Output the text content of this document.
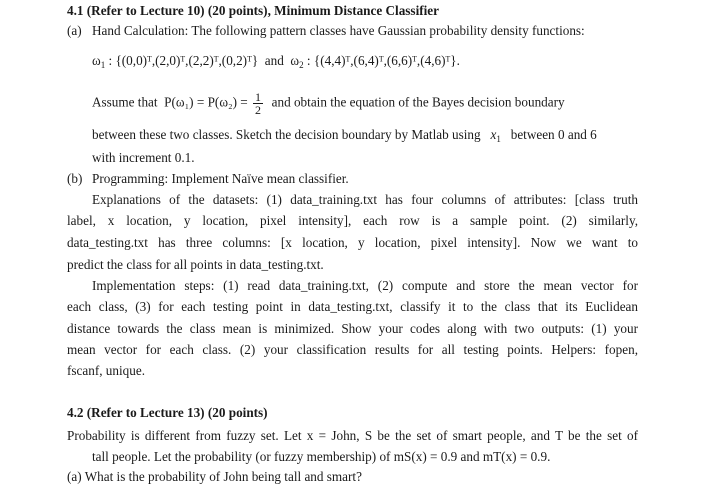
4.1 (Refer to Lecture 10) (20 points), Minimum Distance Classifier
(a) Hand Calculation: The following pattern classes have Gaussian probability density functions:
$\omega_1$ : {(0,0)ᵀ,(2,0)ᵀ,(2,2)ᵀ,(0,2)ᵀ} and $\omega_2$ : {(4,4)ᵀ,(6,4)ᵀ,(6,6)ᵀ,(4,6)ᵀ}.
Assume that $P(\omega_1) = P(\omega_2) = \frac{1}{2}$ and obtain the equation of the Bayes decision boundary
between these two classes. Sketch the decision boundary by Matlab using $x_1$ between 0 and 6
with increment 0.1.
(b) Programming: Implement Naïve mean classifier.
Explanations of the datasets: (1) data_training.txt has four columns of attributes: [class truth
label, x location, y location, pixel intensity], each row is a sample point. (2) similarly,
data_testing.txt has three columns: [x location, y location, pixel intensity]. Now we want to
predict the class for all points in data_testing.txt.
Implementation steps: (1) read data_training.txt, (2) compute and store the mean vector for
each class, (3) for each testing point in data_testing.txt, classify it to the class that its Euclidean
distance towards the class mean is minimized. Show your codes along with two outputs: (1) your
mean vector for each class. (2) your classification results for all testing points. Helpers: fopen,
fscanf, unique.
4.2 (Refer to Lecture 13) (20 points)
Probability is different from fuzzy set. Let x = John, S be the set of smart people, and T be the set of
tall people. Let the probability (or fuzzy membership) of mS(x) = 0.9 and mT(x) = 0.9.
(a) What is the probability of John being tall and smart?
